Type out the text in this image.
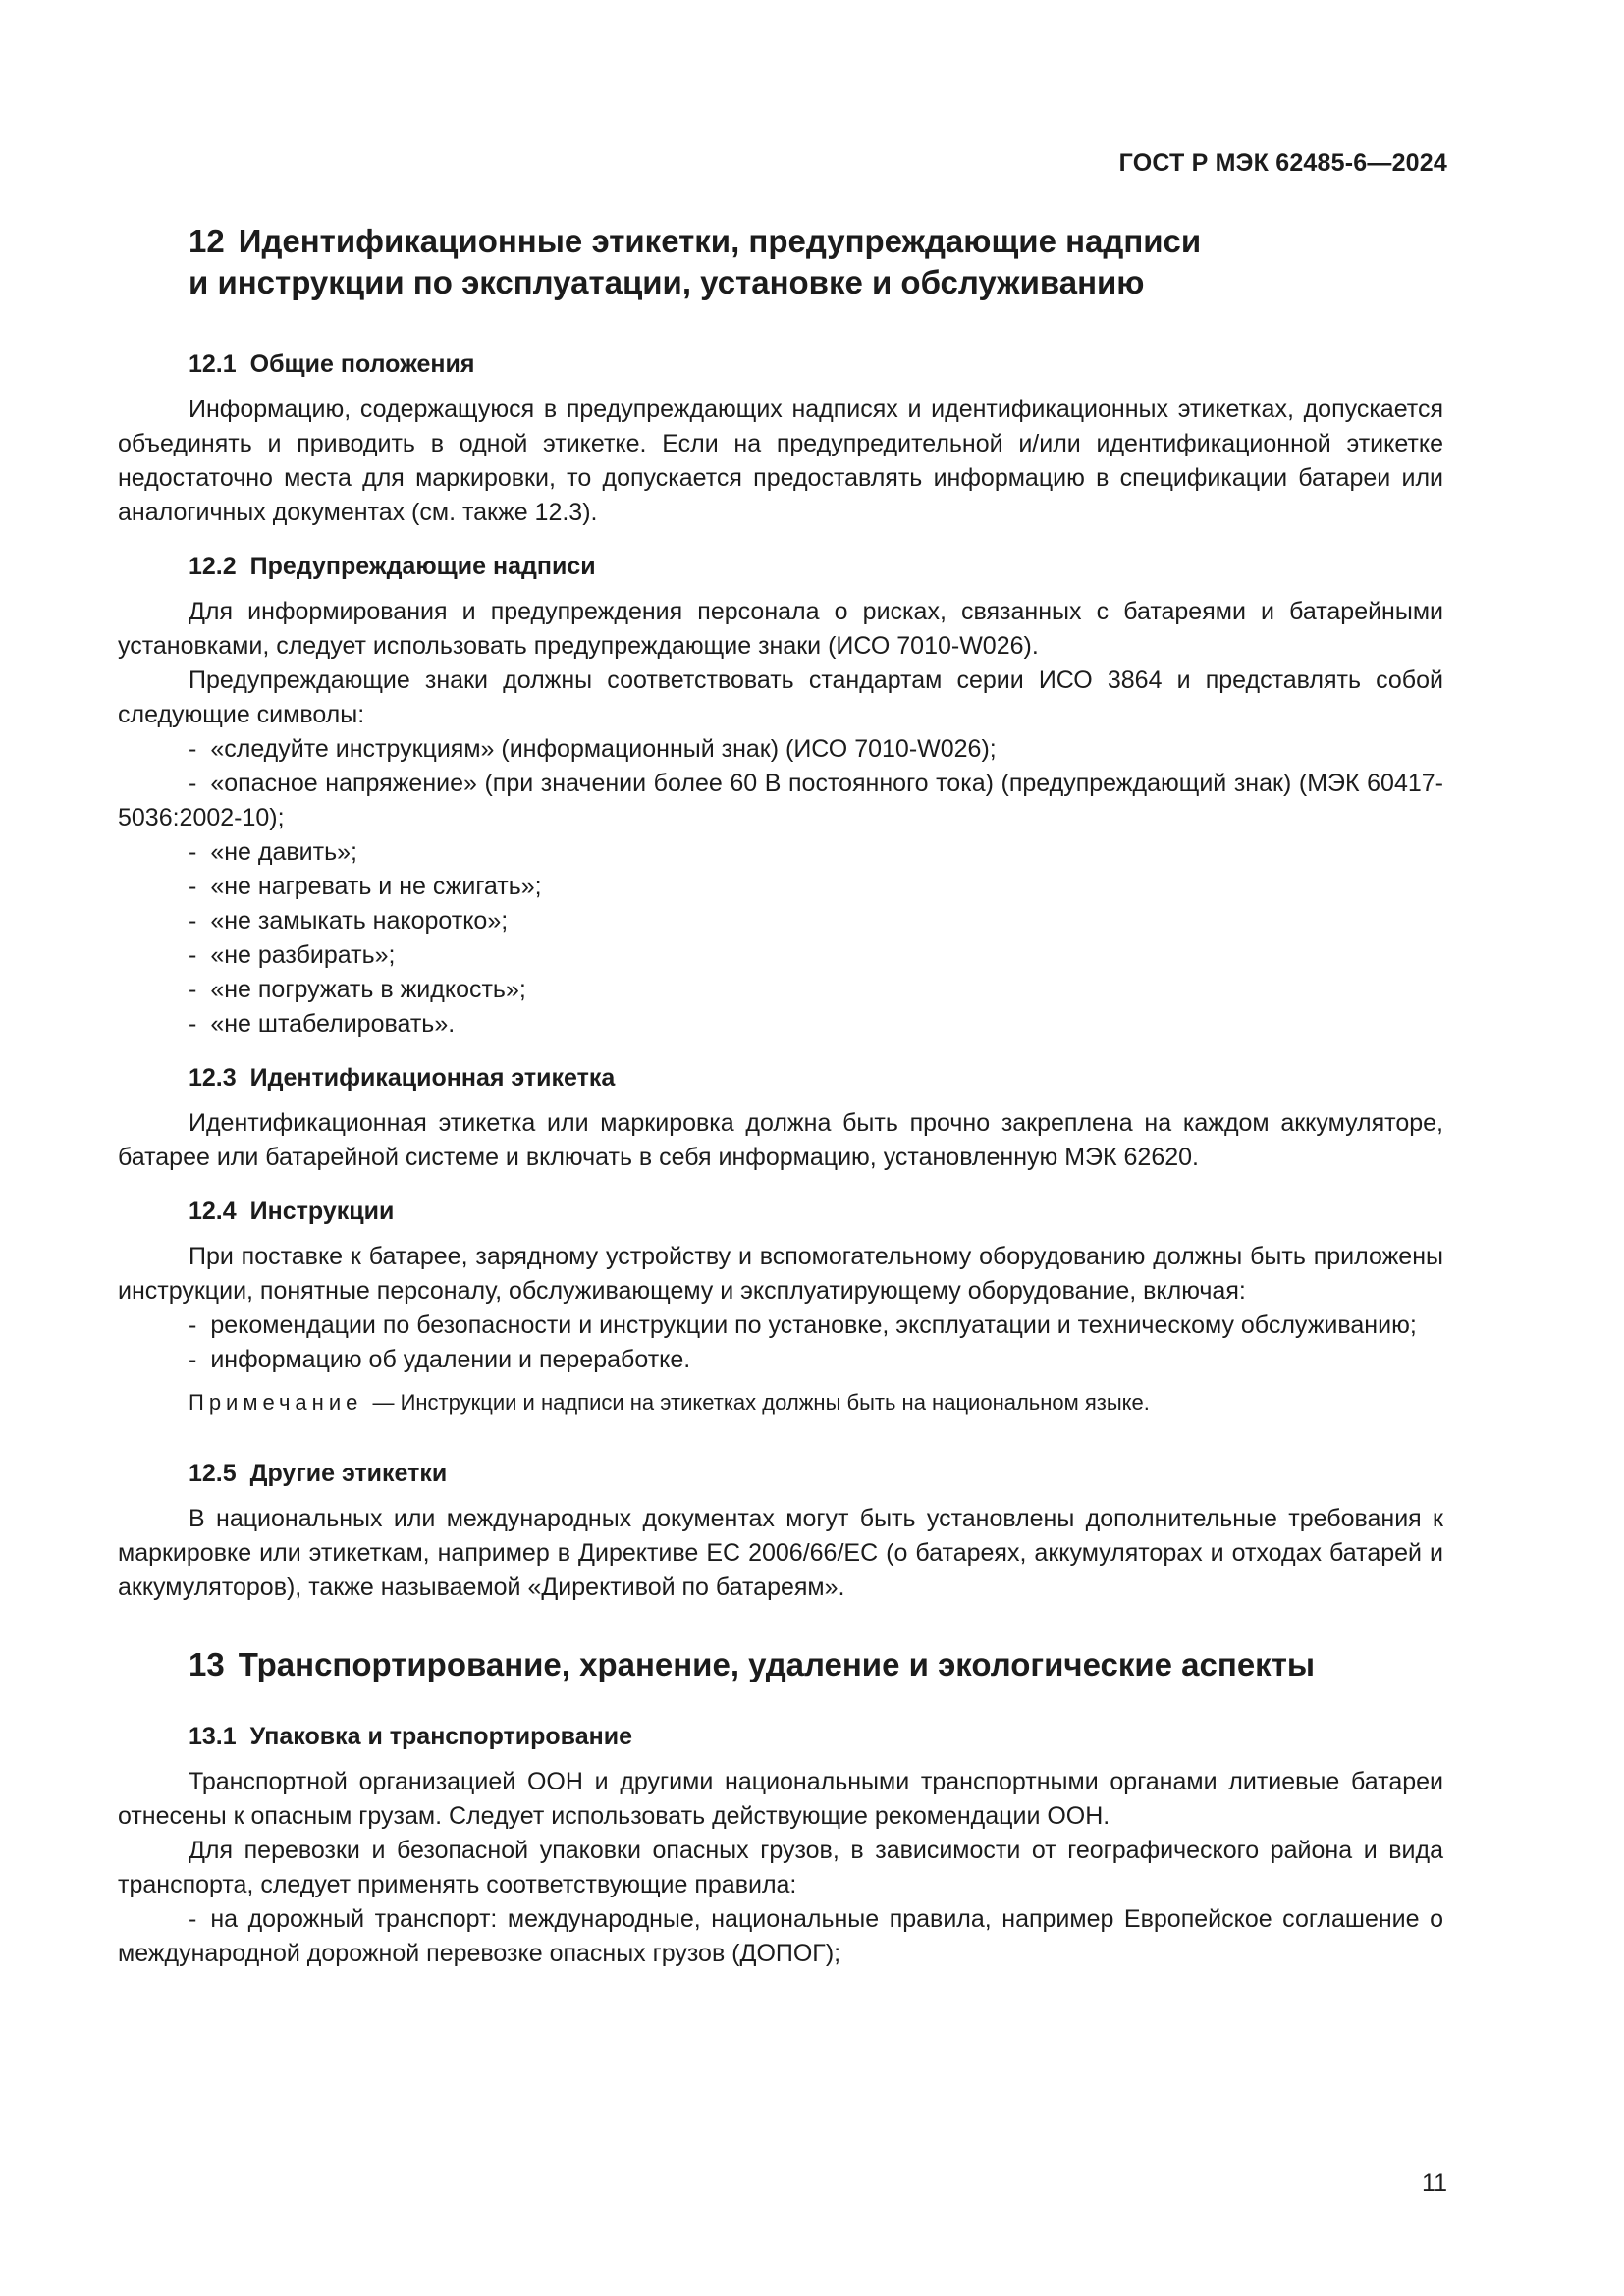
ГОСТ Р МЭК 62485-6—2024
12 Идентификационные этикетки, предупреждающие надписи
и инструкции по эксплуатации, установке и обслуживанию
12.1 Общие положения

Информацию, содержащуюся в предупреждающих надписях и идентификационных этикетках, допускается объединять и приводить в одной этикетке. Если на предупредительной и/или идентификационной этикетке недостаточно места для маркировки, то допускается предоставлять информацию в спецификации батареи или аналогичных документах (см. также 12.3).

12.2 Предупреждающие надписи

Для информирования и предупреждения персонала о рисках, связанных с батареями и батарейными установками, следует использовать предупреждающие знаки (ИСО 7010-W026).

Предупреждающие знаки должны соответствовать стандартам серии ИСО 3864 и представлять собой следующие символы:

- «следуйте инструкциям» (информационный знак) (ИСО 7010-W026);

- «опасное напряжение» (при значении более 60 В постоянного тока) (предупреждающий знак) (МЭК 60417-5036:2002-10);

- «не давить»;

- «не нагревать и не сжигать»;

- «не замыкать накоротко»;

- «не разбирать»;

- «не погружать в жидкость»;

- «не штабелировать».

12.3 Идентификационная этикетка

Идентификационная этикетка или маркировка должна быть прочно закреплена на каждом аккумуляторе, батарее или батарейной системе и включать в себя информацию, установленную МЭК 62620.

12.4 Инструкции

При поставке к батарее, зарядному устройству и вспомогательному оборудованию должны быть приложены инструкции, понятные персоналу, обслуживающему и эксплуатирующему оборудование, включая:

- рекомендации по безопасности и инструкции по установке, эксплуатации и техническому обслуживанию;

- информацию об удалении и переработке.

Примечание — Инструкции и надписи на этикетках должны быть на национальном языке.

12.5 Другие этикетки

В национальных или международных документах могут быть установлены дополнительные требования к маркировке или этикеткам, например в Директиве ЕС 2006/66/ЕС (о батареях, аккумуляторах и отходах батарей и аккумуляторов), также называемой «Директивой по батареям».

13 Транспортирование, хранение, удаление и экологические аспекты
13.1 Упаковка и транспортирование

Транспортной организацией ООН и другими национальными транспортными органами литиевые батареи отнесены к опасным грузам. Следует использовать действующие рекомендации ООН.

Для перевозки и безопасной упаковки опасных грузов, в зависимости от географического района и вида транспорта, следует применять соответствующие правила:

- на дорожный транспорт: международные, национальные правила, например Европейское соглашение о международной дорожной перевозке опасных грузов (ДОПОГ);

11
